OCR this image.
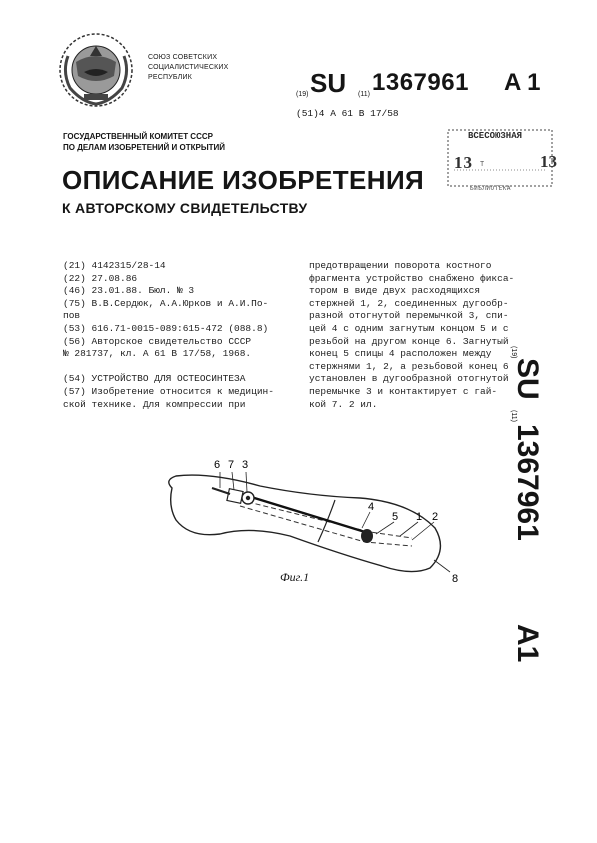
СОЮЗ СОВЕТСКИХ
СОЦИАЛИСТИЧЕСКИХ
РЕСПУБЛИК
(19) SU (11) 1367961 A 1
(51)4 A 61 B 17/58
ГОСУДАРСТВЕННЫЙ КОМИТЕТ СССР
ПО ДЕЛАМ ИЗОБРЕТЕНИЙ И ОТКРЫТИЙ
ВСЕСОЮЗНАЯ
13	13
Т
БИБЛИОТЕКА
ОПИСАНИЕ ИЗОБРЕТЕНИЯ
К АВТОРСКОМУ СВИДЕТЕЛЬСТВУ
(21) 4142315/28-14
(22) 27.08.86
(46) 23.01.88. Бюл. № 3
(75) В.В.Сердюк, А.А.Юрков и А.И.По-
пов
(53) 616.71-0015-089:615-472 (088.8)
(56) Авторское свидетельство СССР
№ 281737, кл. А 61 В 17/58, 1968.
(54) УСТРОЙСТВО ДЛЯ ОСТЕОСИНТЕЗА
(57) Изобретение относится к медицин-
ской технике. Для компрессии при
предотвращении поворота костного
фрагмента устройство снабжено фикса-
тором в виде двух расходящихся
стержней 1, 2, соединенных дугообр-
разной отогнутой перемычкой 3, спи-
цей 4 с одним загнутым концом 5 и с
резьбой на другом конце 6. Загнутый
конец 5 спицы 4 расположен между
стержнями 1, 2, а резьбовой конец 6
установлен в дугообразной отогнутой
перемычке 3 и контактирует с гай-
кой 7. 2 ил.
6 7 3
4
5 1 2
8
Фиг.1
(19)
SU
(11)
1367961
A1
